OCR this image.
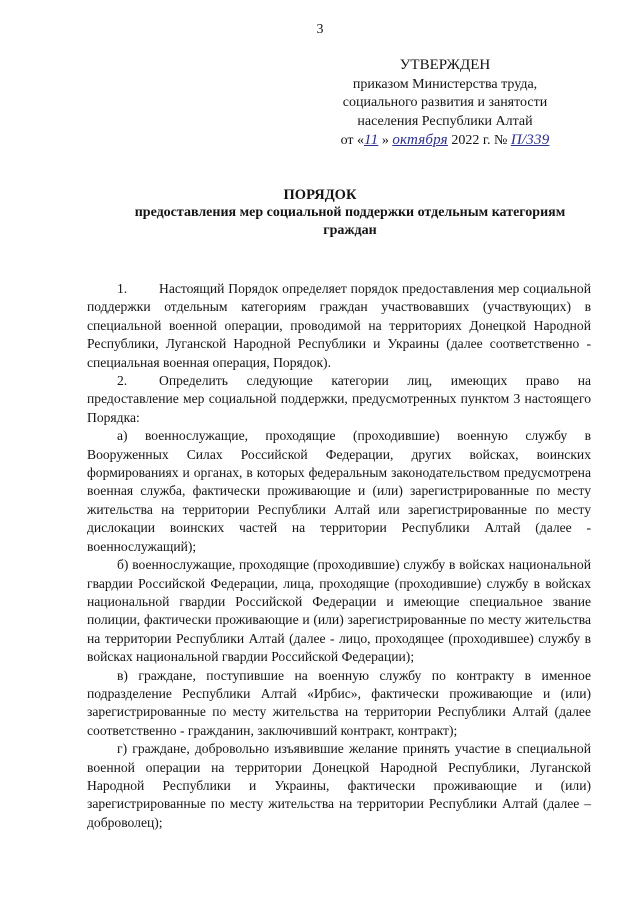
3
УТВЕРЖДЕН
приказом Министерства труда,
социального развития и занятости
населения Республики Алтай
от «11 » октября 2022 г. № П/339
ПОРЯДОК
предоставления мер социальной поддержки отдельным категориям граждан

1. Настоящий Порядок определяет порядок предоставления мер социальной поддержки отдельным категориям граждан участвовавших (участвующих) в специальной военной операции, проводимой на территориях Донецкой Народной Республики, Луганской Народной Республики и Украины (далее соответственно - специальная военная операция, Порядок).

2. Определить следующие категории лиц, имеющих право на предоставление мер социальной поддержки, предусмотренных пунктом 3 настоящего Порядка:

а) военнослужащие, проходящие (проходившие) военную службу в Вооруженных Силах Российской Федерации, других войсках, воинских формированиях и органах, в которых федеральным законодательством предусмотрена военная служба, фактически проживающие и (или) зарегистрированные по месту жительства на территории Республики Алтай или зарегистрированные по месту дислокации воинских частей на территории Республики Алтай (далее - военнослужащий);

б) военнослужащие, проходящие (проходившие) службу в войсках национальной гвардии Российской Федерации, лица, проходящие (проходившие) службу в войсках национальной гвардии Российской Федерации и имеющие специальное звание полиции, фактически проживающие и (или) зарегистрированные по месту жительства на территории Республики Алтай (далее - лицо, проходящее (проходившее) службу в войсках национальной гвардии Российской Федерации);

в) граждане, поступившие на военную службу по контракту в именное подразделение Республики Алтай «Ирбис», фактически проживающие и (или) зарегистрированные по месту жительства на территории Республики Алтай (далее соответственно - гражданин, заключивший контракт, контракт);

г) граждане, добровольно изъявившие желание принять участие в специальной военной операции на территории Донецкой Народной Республики, Луганской Народной Республики и Украины, фактически проживающие и (или) зарегистрированные по месту жительства на территории Республики Алтай (далее – доброволец);
